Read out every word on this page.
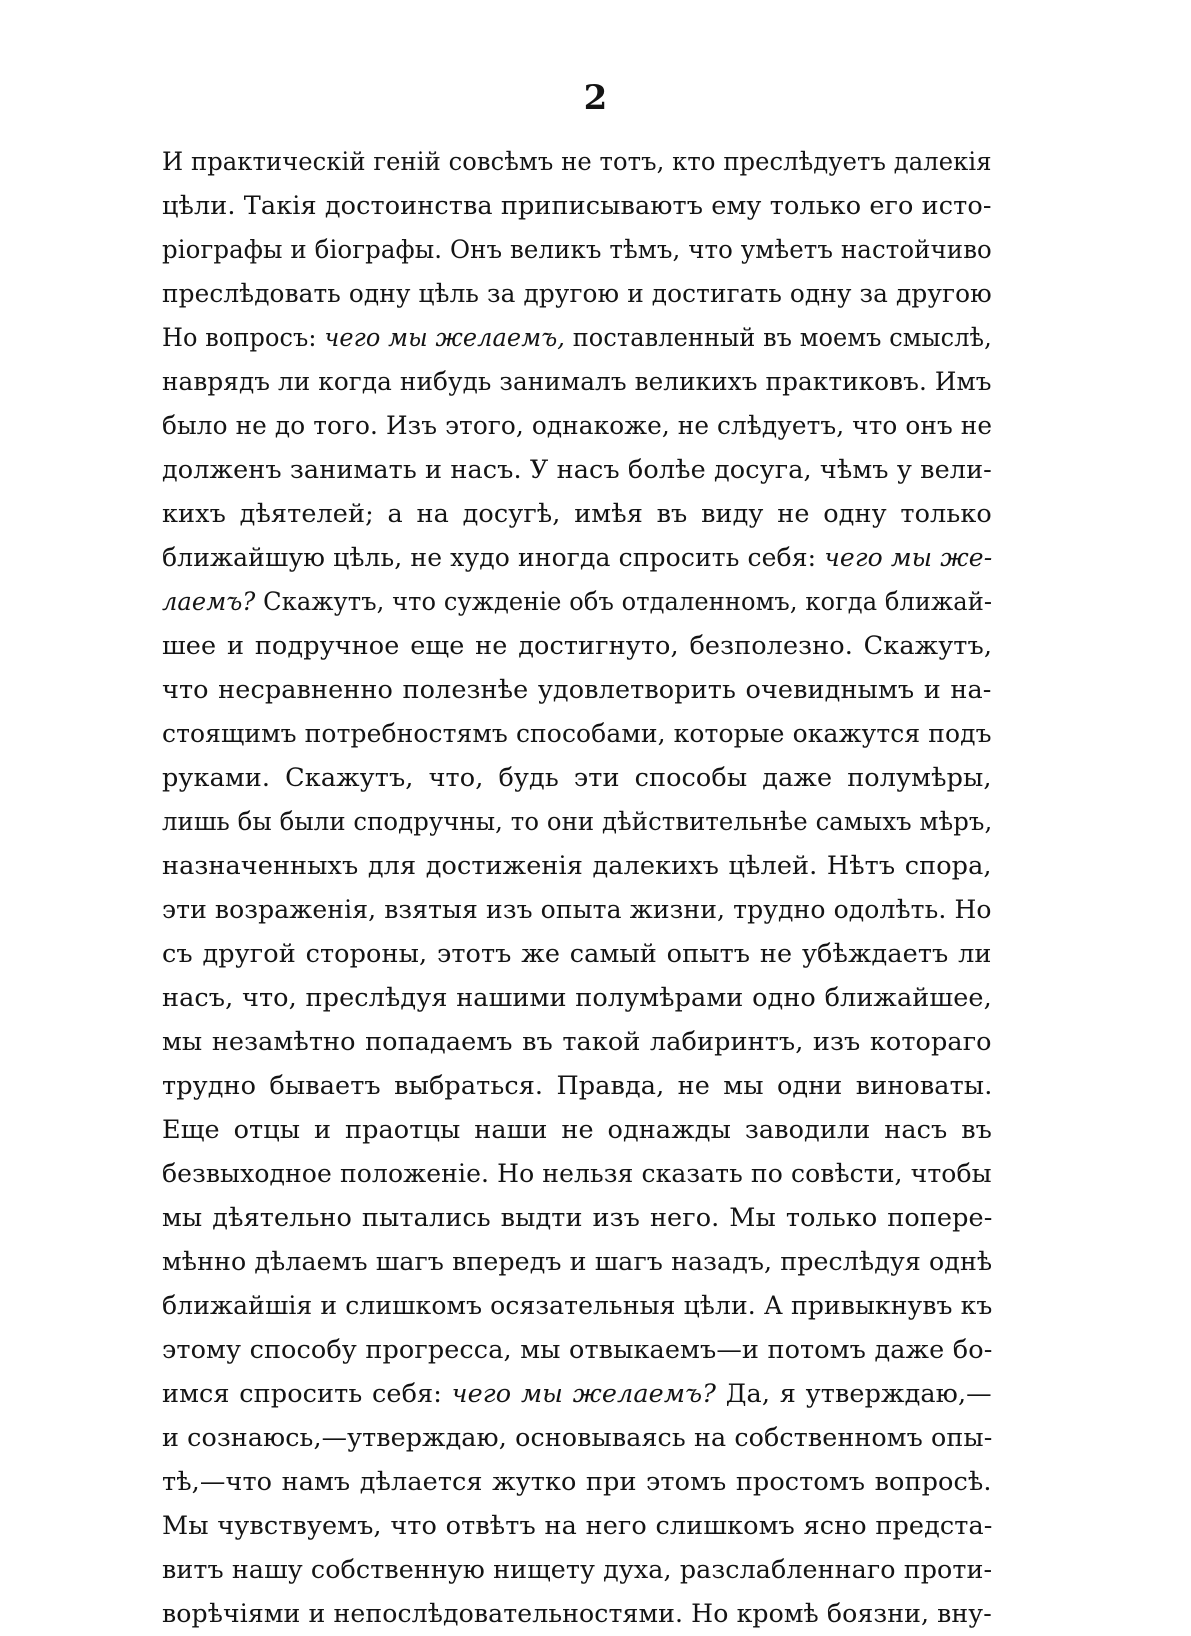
2
И практическій геній совсѣмъ не тотъ, кто преслѣдуетъ далекія
цѣли. Такія достоинства приписываютъ ему только его исто-
ріографы и біографы. Онъ великъ тѣмъ, что умѣетъ настойчиво
преслѣдовать одну цѣль за другою и достигать одну за другою
Но вопросъ: чего мы желаемъ, поставленный въ моемъ смыслѣ,
наврядъ ли когда нибудь занималъ великихъ практиковъ. Имъ
было не до того. Изъ этого, однакоже, не слѣдуетъ, что онъ не
долженъ занимать и насъ. У насъ болѣе досуга, чѣмъ у вели-
кихъ дѣятелей; а на досугѣ, имѣя въ виду не одну только
ближайшую цѣль, не худо иногда спросить себя: чего мы же-
лаемъ? Скажутъ, что сужденіе объ отдаленномъ, когда ближай-
шее и подручное еще не достигнуто, безполезно. Скажутъ,
что несравненно полезнѣе удовлетворить очевиднымъ и на-
стоящимъ потребностямъ способами, которые окажутся подъ
руками. Скажутъ, что, будь эти способы даже полумѣры,
лишь бы были сподручны, то они дѣйствительнѣе самыхъ мѣръ,
назначенныхъ для достиженія далекихъ цѣлей. Нѣтъ спора,
эти возраженія, взятыя изъ опыта жизни, трудно одолѣть. Но
съ другой стороны, этотъ же самый опытъ не убѣждаетъ ли
насъ, что, преслѣдуя нашими полумѣрами одно ближайшее,
мы незамѣтно попадаемъ въ такой лабиринтъ, изъ котораго
трудно бываетъ выбраться. Правда, не мы одни виноваты.
Еще отцы и праотцы наши не однажды заводили насъ въ
безвыходное положеніе. Но нельзя сказать по совѣсти, чтобы
мы дѣятельно пытались выдти изъ него. Мы только попере-
мѣнно дѣлаемъ шагъ впередъ и шагъ назадъ, преслѣдуя однѣ
ближайшія и слишкомъ осязательныя цѣли. А привыкнувъ къ
этому способу прогресса, мы отвыкаемъ—и потомъ даже бо-
имся спросить себя: чего мы желаемъ? Да, я утверждаю,—
и сознаюсь,—утверждаю, основываясь на собственномъ опы-
тѣ,—что намъ дѣлается жутко при этомъ простомъ вопросѣ.
Мы чувствуемъ, что отвѣтъ на него слишкомъ ясно предста-
витъ нашу собственную нищету духа, разслабленнаго проти-
ворѣчіями и непослѣдовательностями. Но кромѣ боязни, вну-
